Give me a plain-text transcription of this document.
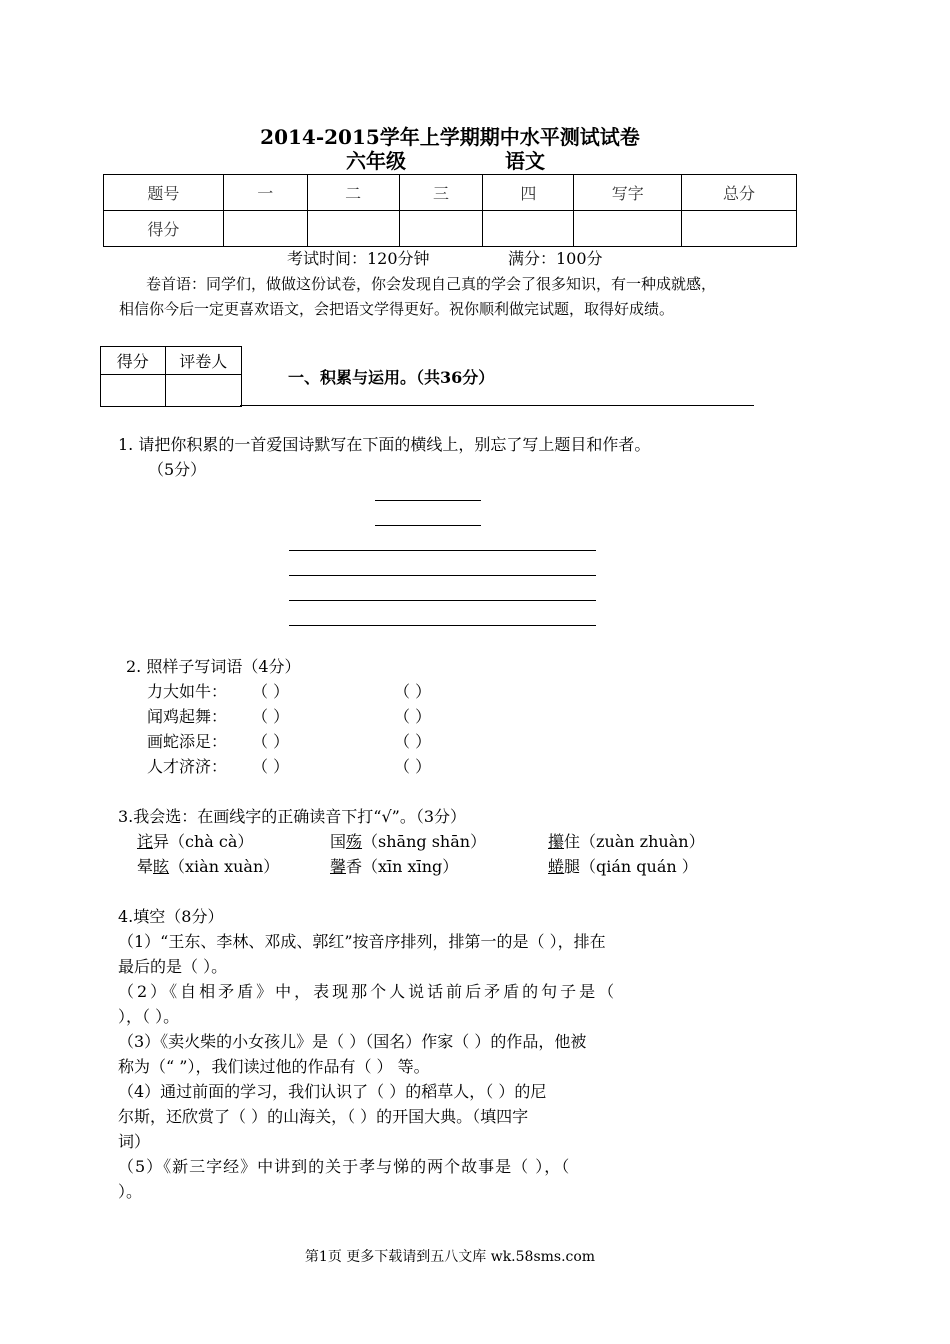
2014-2015学年上学期期中水平测试试卷
六年级	语文
题号	一	二	三	四	写字	总分
得分						
考试时间：120分钟	满分：100分
卷首语：同学们，做做这份试卷，你会发现自己真的学会了很多知识，有一种成就感，
相信你今后一定更喜欢语文，会把语文学得更好。祝你顺利做完试题，取得好成绩。
得分	评卷人

一、积累与运用。（共36分）
1. 请把你积累的一首爱国诗默写在下面的横线上，别忘了写上题目和作者。
（5分）
2. 照样子写词语（4分）
力大如牛： （ ）	（ ）
闻鸡起舞： （ ）	（ ）
画蛇添足： （ ）	（ ）
人才济济： （ ）	（ ）
3.我会选：在画线字的正确读音下打“√”。（3分）
诧异（chà cà）	国殇（shāng shān）	攥住（zuàn zhuàn）
晕眩（xiàn xuàn）	馨香（xīn xīng）	蜷腿（qián quán ）
4.填空（8分）
（1）“王东、李林、邓成、郭红”按音序排列，排第一的是（ ），排在
最后的是（ ）。
（2）《自相矛盾》中，表现那个人说话前后矛盾的句子是（
），（ ）。
（3）《卖火柴的小女孩儿》是（ ）（国名）作家（ ）的作品，他被
称为（“ ”），我们读过他的作品有（ ） 等。
（4）通过前面的学习，我们认识了（ ）的稻草人，（ ）的尼
尔斯，还欣赏了（ ）的山海关，（ ）的开国大典。（填四字
词）
（5）《新三字经》中讲到的关于孝与悌的两个故事是（ ），（
）。
第1页 更多下载请到五八文库 wk.58sms.com
